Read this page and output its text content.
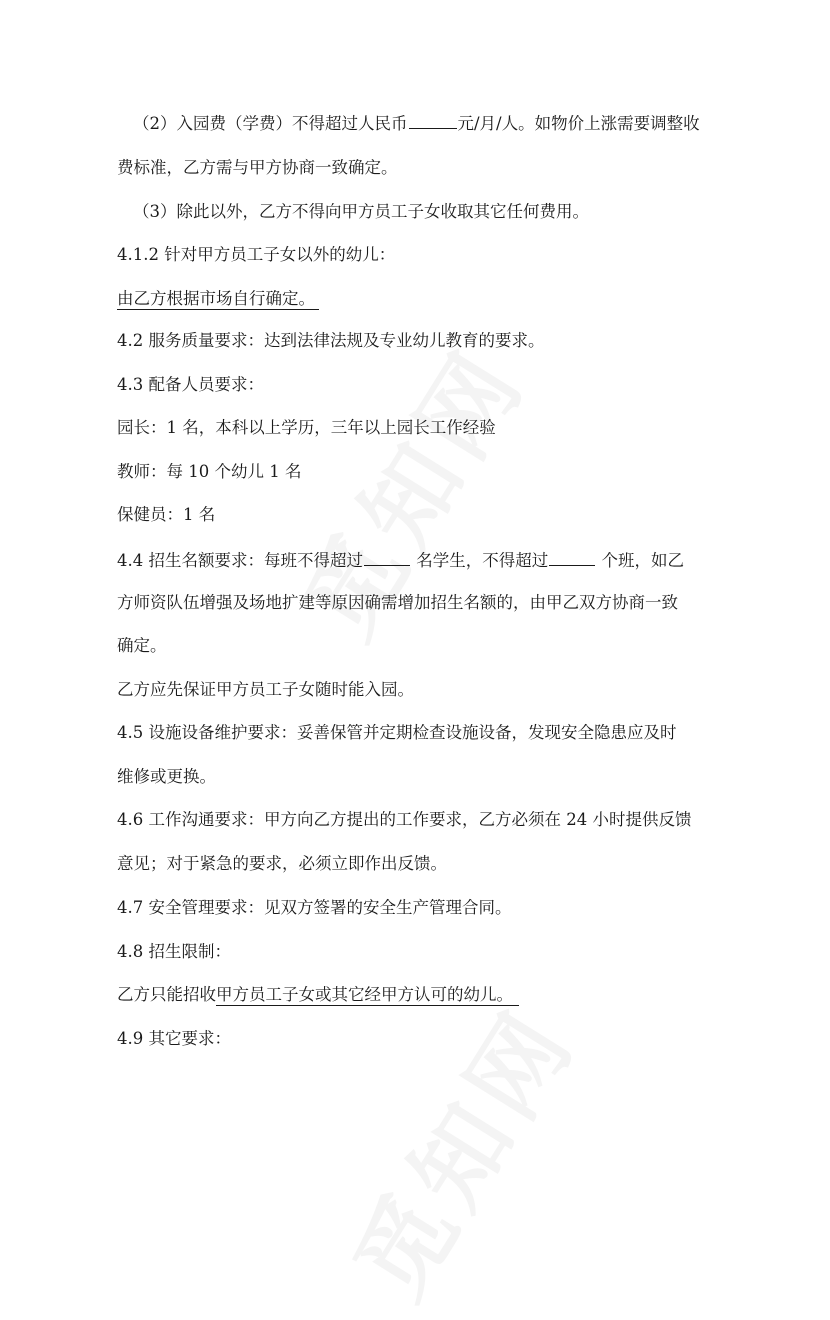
（2）入园费（学费）不得超过人民币	元/月/人。如物价上涨需要调整收
费标准，乙方需与甲方协商一致确定。
（3）除此以外，乙方不得向甲方员工子女收取其它任何费用。
4.1.2 针对甲方员工子女以外的幼儿：
由乙方根据市场自行确定。
4.2 服务质量要求：达到法律法规及专业幼儿教育的要求。
4.3 配备人员要求：
园长：1 名，本科以上学历，三年以上园长工作经验
教师：每 10 个幼儿 1 名
保健员：1 名
4.4 招生名额要求：每班不得超过	名学生，不得超过	个班，如乙
方师资队伍增强及场地扩建等原因确需增加招生名额的，由甲乙双方协商一致
确定。
乙方应先保证甲方员工子女随时能入园。
4.5 设施设备维护要求：妥善保管并定期检查设施设备，发现安全隐患应及时
维修或更换。
4.6 工作沟通要求：甲方向乙方提出的工作要求，乙方必须在 24 小时提供反馈
意见；对于紧急的要求，必须立即作出反馈。
4.7 安全管理要求：见双方签署的安全生产管理合同。
4.8 招生限制：
乙方只能招收甲方员工子女或其它经甲方认可的幼儿。
4.9 其它要求：
